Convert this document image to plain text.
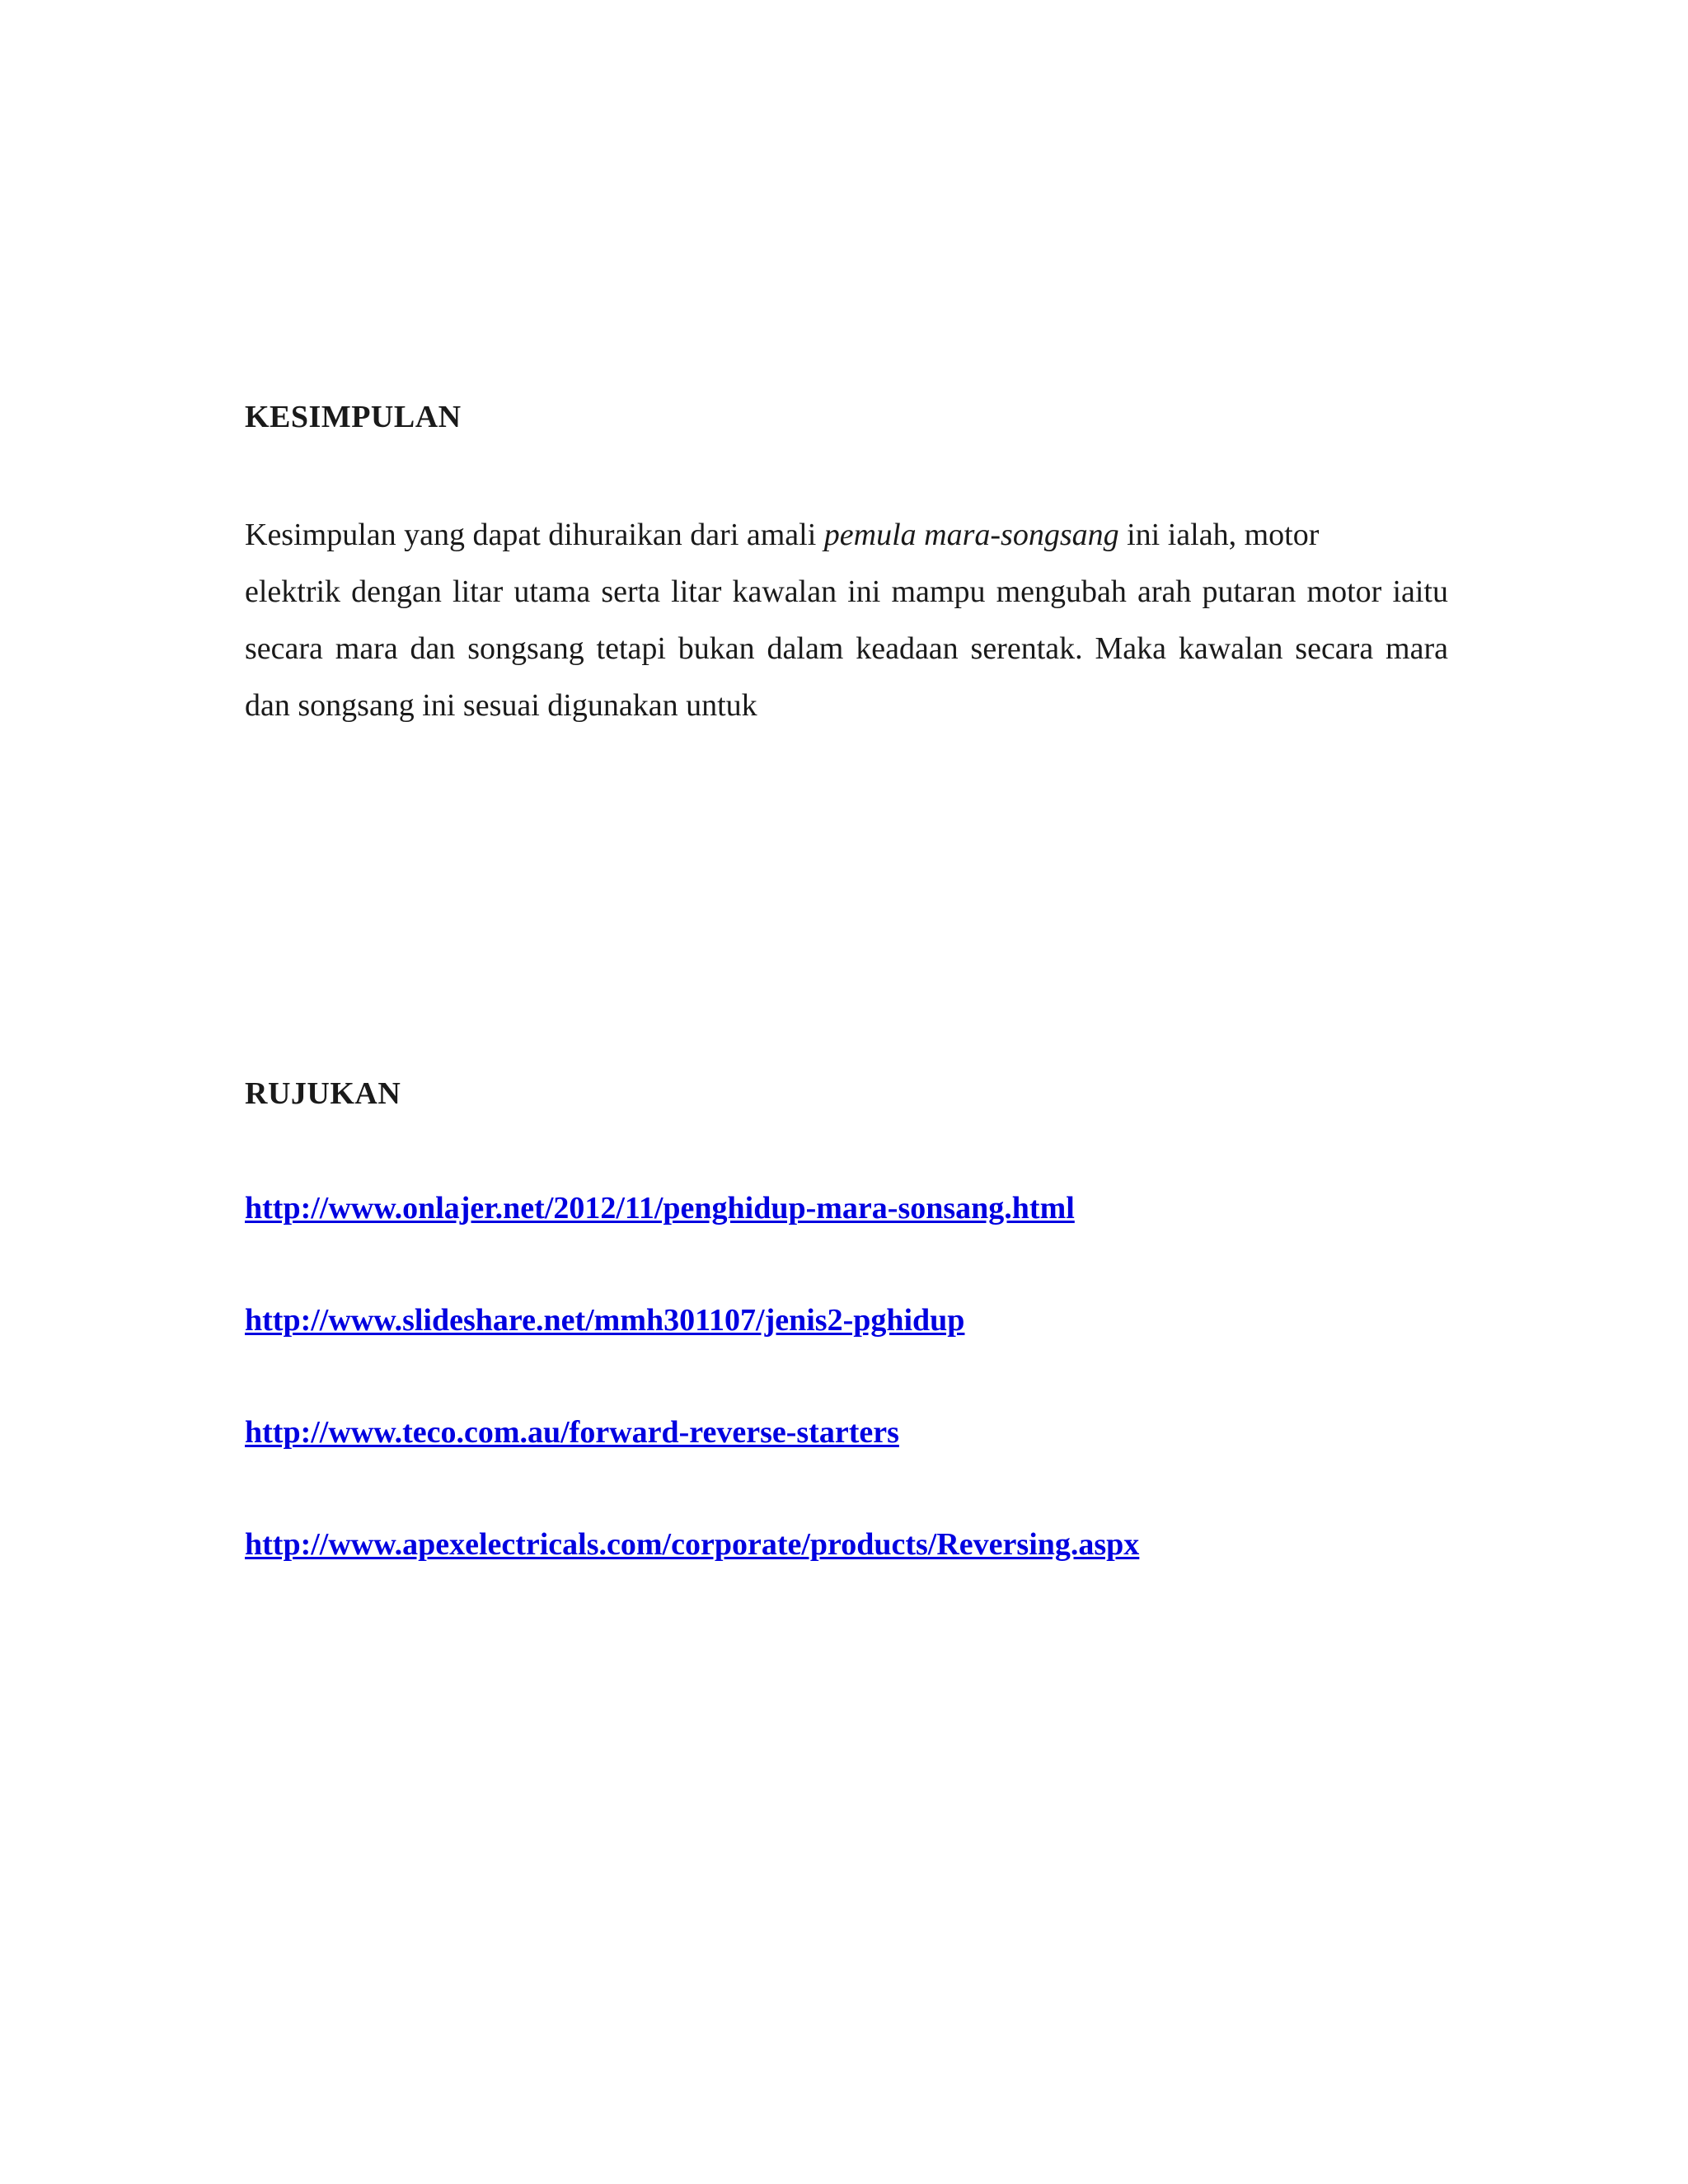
KESIMPULAN

Kesimpulan yang dapat dihuraikan dari amali pemula mara-songsang ini ialah, motor
elektrik dengan litar utama serta litar kawalan ini mampu mengubah arah putaran motor iaitu
secara mara dan songsang tetapi bukan dalam keadaan serentak. Maka kawalan secara mara
dan songsang ini sesuai digunakan untuk

RUJUKAN
http://www.onlajer.net/2012/11/penghidup-mara-sonsang.html
http://www.slideshare.net/mmh301107/jenis2-pghidup
http://www.teco.com.au/forward-reverse-starters
http://www.apexelectricals.com/corporate/products/Reversing.aspx
